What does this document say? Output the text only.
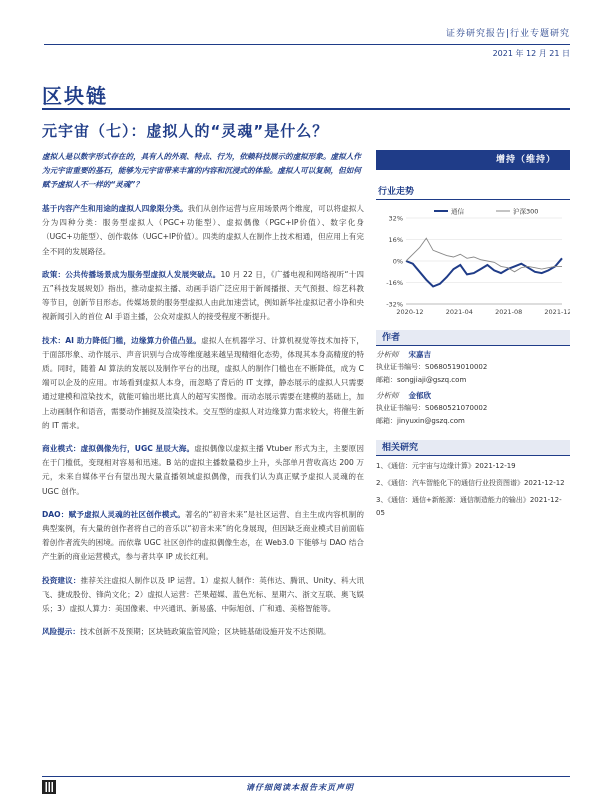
证券研究报告|行业专题研究
2021 年 12 月 21 日
区块链
元宇宙（七）：虚拟人的“灵魂”是什么？
虚拟人是以数字形式存在的，具有人的外观、特点、行为，依赖科技展示的虚拟形象。虚拟人作为元宇宙重要的基石，能够为元宇宙带来丰富的内容和沉浸式的体验。虚拟人可以复制，但如何赋予虚拟人不一样的“灵魂”？
基于内容产生和用途的虚拟人四象限分类。我们从创作运营与应用场景两个维度，可以将虚拟人分为四种分类：服务型虚拟人（PGC+功能型）、虚拟偶像（PGC+IP价值）、数字化身（UGC+功能型）、创作载体（UGC+IP价值）。四类的虚拟人在制作上技术相通，但应用上有完全不同的发展路径。
政策：公共传播场景成为服务型虚拟人发展突破点。10 月 22 日，《广播电视和网络视听“十四五”科技发展规划》指出，推动虚拟主播、动画手语广泛应用于新闻播报、天气预报、综艺科教等节目，创新节目形态。传媒场景的服务型虚拟人由此加速尝试，例如新华社虚拟记者小诤和央视新闻引入的首位 AI 手语主播，公众对虚拟人的接受程度不断提升。
技术：AI 助力降低门槛，边缘算力价值凸显。虚拟人在机器学习、计算机视觉等技术加持下，于面部形象、动作展示、声音识别与合成等维度越来越呈现精细化态势，体现其本身高精度的特质。同时，随着 AI 算法的发展以及制作平台的出现，虚拟人的制作门槛也在不断降低，成为 C 端可以企及的应用。市场看到虚拟人本身，而忽略了背后的 IT 支撑，静态展示的虚拟人只需要通过建模和渲染技术，就能可输出堪比真人的超写实图像。而动态展示需要在建模的基础上，加上动画制作和语音，需要动作捕捉及渲染技术。交互型的虚拟人对边缘算力需求较大，将催生新的 IT 需求。
商业模式：虚拟偶像先行，UGC 星辰大海。虚拟偶像以虚拟主播 Vtuber 形式为主，主要原因在于门槛低，变现相对容易和迅速。B 站的虚拟主播数量稳步上升，头部单月营收高达 200 万元，未来自媒体平台有望出现大量直播领域虚拟偶像，而我们认为真正赋予虚拟人灵魂的在 UGC 创作。
DAO：赋予虚拟人灵魂的社区创作模式。著名的“初音未来”是社区运营、自主生成内容机制的典型案例，有大量的创作者将自己的音乐以“初音未来”的化身展现，但因缺乏商业模式目前面临着创作者流失的困境。而依靠 UGC 社区创作的虚拟偶像生态，在 Web3.0 下能够与 DAO 结合产生新的商业运营模式，参与者共享 IP 成长红利。
投资建议：推荐关注虚拟人制作以及 IP 运营。1）虚拟人制作：英伟达、腾讯、Unity、科大讯飞、捷成股份、锋尚文化；2）虚拟人运营：芒果超媒、蓝色光标、星期六、浙文互联、奥飞娱乐；3）虚拟人算力：美国像素、中兴通讯、新易盛、中际旭创、广和通、美格智能等。
风险提示：技术创新不及预期；区块链政策监管风险；区块链基础设施开发不达预期。
增持（维持）
行业走势
32%
16%
0%
-16%
-32%
2020-12	2021-04	2021-08	2021-12
通信	沪深300
作者
分析师 宋嘉吉
执业证书编号：S0680519010002
邮箱：songjiaji@gszq.com
分析师 金郁欣
执业证书编号：S0680521070002
邮箱：jinyuxin@gszq.com
相关研究
1、《通信：元宇宙与边缘计算》2021-12-19
2、《通信：汽车智能化下的通信行业投资图谱》2021-12-12
3、《通信：通信+新能源：通信制造能力的输出》2021-12-05
请仔细阅读本报告末页声明
